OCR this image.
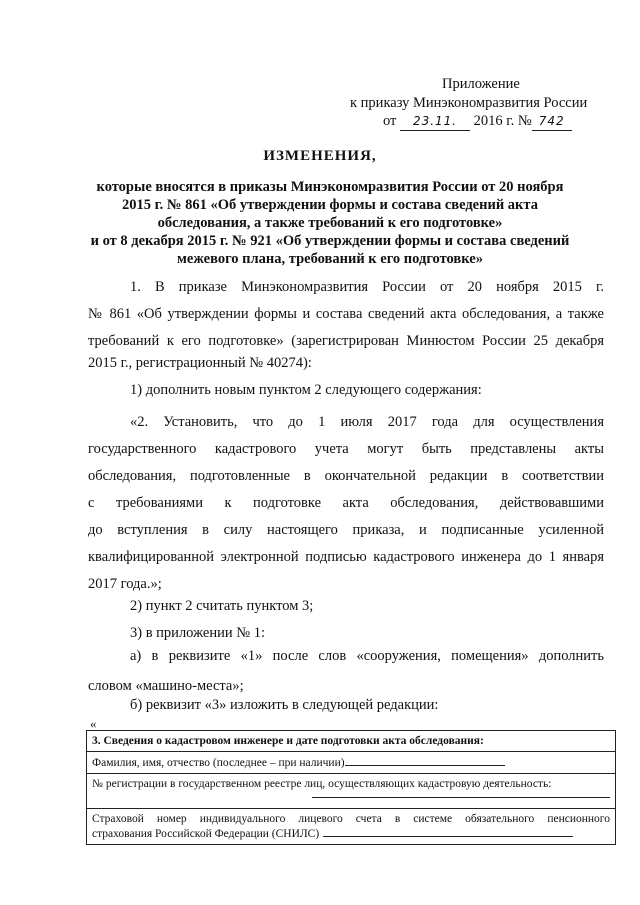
Приложение
к приказу Минэкономразвития России
от 23.11. 2016 г. № 742
ИЗМЕНЕНИЯ,
которые вносятся в приказы Минэкономразвития России от 20 ноября
2015 г. № 861 «Об утверждении формы и состава сведений акта
обследования, а также требований к его подготовке»
и от 8 декабря 2015 г. № 921 «Об утверждении формы и состава сведений
межевого плана, требований к его подготовке»
1. В приказе Минэкономразвития России от 20 ноября 2015 г.
№ 861 «Об утверждении формы и состава сведений акта обследования, а также
требований к его подготовке» (зарегистрирован Минюстом России 25 декабря
2015 г., регистрационный № 40274):
1) дополнить новым пунктом 2 следующего содержания:
«2. Установить, что до 1 июля 2017 года для осуществления
государственного кадастрового учета могут быть представлены акты
обследования, подготовленные в окончательной редакции в соответствии
с требованиями к подготовке акта обследования, действовавшими
до вступления в силу настоящего приказа, и подписанные усиленной
квалифицированной электронной подписью кадастрового инженера до 1 января
2017 года.»;
2) пункт 2 считать пунктом 3;
3) в приложении № 1:
а) в реквизите «1» после слов «сооружения, помещения» дополнить
словом «машино-места»;
б) реквизит «3» изложить в следующей редакции:
«
3. Сведения о кадастровом инженере и дате подготовки акта обследования:
Фамилия, имя, отчество (последнее – при наличии)
№ регистрации в государственном реестре лиц, осуществляющих кадастровую деятельность:
Страховой номер индивидуального лицевого счета в системе обязательного пенсионного
страхования Российской Федерации (СНИЛС)
